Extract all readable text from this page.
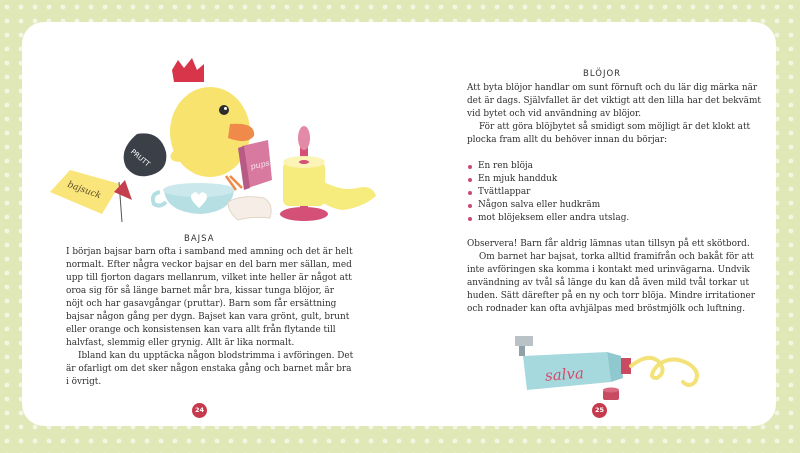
bajsuck
PRUTT	pups
BAJSA

I början bajsar barn ofta i samband med amning och det är helt normalt. Efter några veckor bajsar en del barn mer sällan, med upp till fjorton dagars mellanrum, vilket inte heller är något att oroa sig för så länge barnet mår bra, kissar tunga blöjor, är nöjt och har gasavgångar (pruttar). Barn som får ersättning bajsar någon gång per dygn. Bajset kan vara grönt, gult, brunt eller orange och konsistensen kan vara allt från flytande till halvfast, slemmig eller grynig. Allt är lika normalt.

Ibland kan du upptäcka någon blodstrimma i avföringen. Det är ofarligt om det sker någon enstaka gång och barnet mår bra i övrigt.

24
BLÖJOR

Att byta blöjor handlar om sunt förnuft och du lär dig märka när det är dags. Självfallet är det viktigt att den lilla har det bekvämt vid bytet och vid användning av blöjor.

För att göra blöjbytet så smidigt som möjligt är det klokt att plocka fram allt du behöver innan du börjar:

En ren blöja
En mjuk handduk
Tvättlappar
Någon salva eller hudkräm
mot blöjeksem eller andra utslag.

Observera! Barn får aldrig lämnas utan tillsyn på ett skötbord.

Om barnet har bajsat, torka alltid framifrån och bakåt för att inte avföringen ska komma i kontakt med urinvägarna. Undvik användning av tvål så länge du kan då även mild tvål torkar ut huden. Sätt därefter på en ny och torr blöja. Mindre irritationer och rodnader kan ofta avhjälpas med bröstmjölk och luftning.

salva
25
